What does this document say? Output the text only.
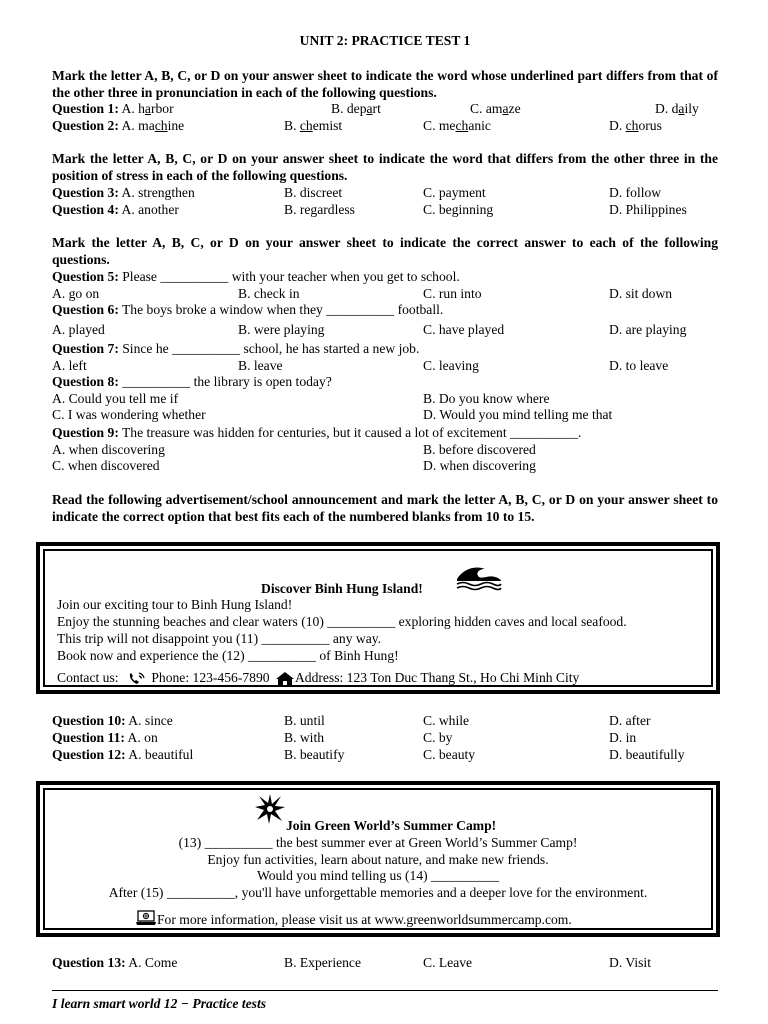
UNIT 2: PRACTICE TEST 1
Mark the letter A, B, C, or D on your answer sheet to indicate the word whose underlined part differs from that of the other three in pronunciation in each of the following questions.
Question 1: A. harbor	B. depart	C. amaze	D. daily
Question 2: A. machine	B. chemist	C. mechanic	D. chorus
Mark the letter A, B, C, or D on your answer sheet to indicate the word that differs from the other three in the position of stress in each of the following questions.
Question 3: A. strengthen	B. discreet	C. payment	D. follow
Question 4: A. another	B. regardless	C. beginning	D. Philippines
Mark the letter A, B, C, or D on your answer sheet to indicate the correct answer to each of the following questions.
Question 5: Please __________ with your teacher when you get to school.
A. go on	B. check in	C. run into	D. sit down
Question 6: The boys broke a window when they __________ football.
A. played	B. were playing	C. have played	D. are playing
Question 7: Since he __________ school, he has started a new job.
A. left	B. leave	C. leaving	D. to leave
Question 8: __________ the library is open today?
A. Could you tell me if	B. Do you know where
C. I was wondering whether	D. Would you mind telling me that
Question 9: The treasure was hidden for centuries, but it caused a lot of excitement __________.
A. when discovering	B. before discovered
C. when discovered	D. when discovering
Read the following advertisement/school announcement and mark the letter A, B, C, or D on your answer sheet to indicate the correct option that best fits each of the numbered blanks from 10 to 15.
Discover Binh Hung Island!
Join our exciting tour to Binh Hung Island!
Enjoy the stunning beaches and clear waters (10) __________ exploring hidden caves and local seafood.
This trip will not disappoint you (11) __________ any way.
Book now and experience the (12) __________ of Binh Hung!
Contact us: Phone: 123-456-7890 Address: 123 Ton Duc Thang St., Ho Chi Minh City
Question 10: A. since	B. until	C. while	D. after
Question 11: A. on	B. with	C. by	D. in
Question 12: A. beautiful	B. beautify	C. beauty	D. beautifully
Join Green World’s Summer Camp!
(13) __________ the best summer ever at Green World’s Summer Camp!
Enjoy fun activities, learn about nature, and make new friends.
Would you mind telling us (14) __________
After (15) __________, you'll have unforgettable memories and a deeper love for the environment.
For more information, please visit us at www.greenworldsummercamp.com.
Question 13: A. Come	B. Experience	C. Leave	D. Visit
I learn smart world 12 − Practice tests
